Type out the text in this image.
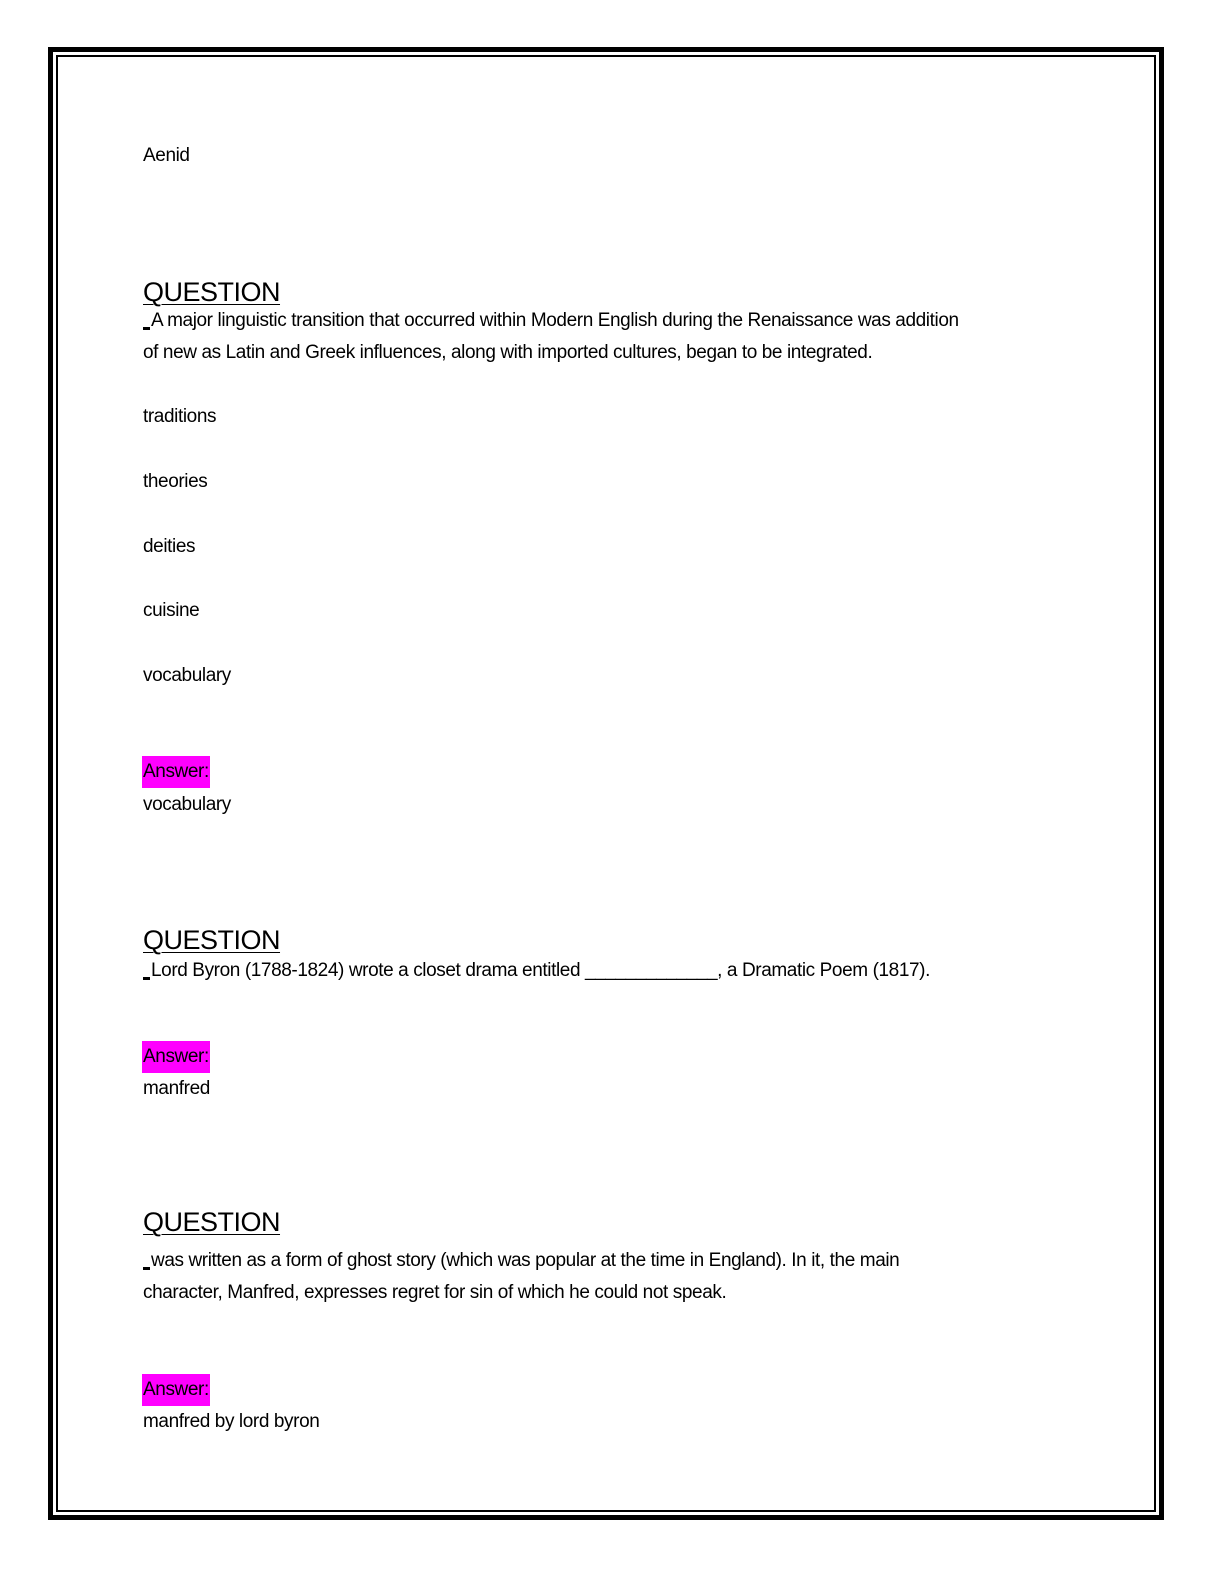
Aenid
QUESTION
A major linguistic transition that occurred within Modern English during the Renaissance was addition
of new as Latin and Greek influences, along with imported cultures, began to be integrated.
traditions
theories
deities
cuisine
vocabulary
Answer:
vocabulary
QUESTION
Lord Byron (1788-1824) wrote a closet drama entitled _____________, a Dramatic Poem (1817).
Answer:
manfred
QUESTION
was written as a form of ghost story (which was popular at the time in England). In it, the main
character, Manfred, expresses regret for sin of which he could not speak.
Answer:
manfred by lord byron
